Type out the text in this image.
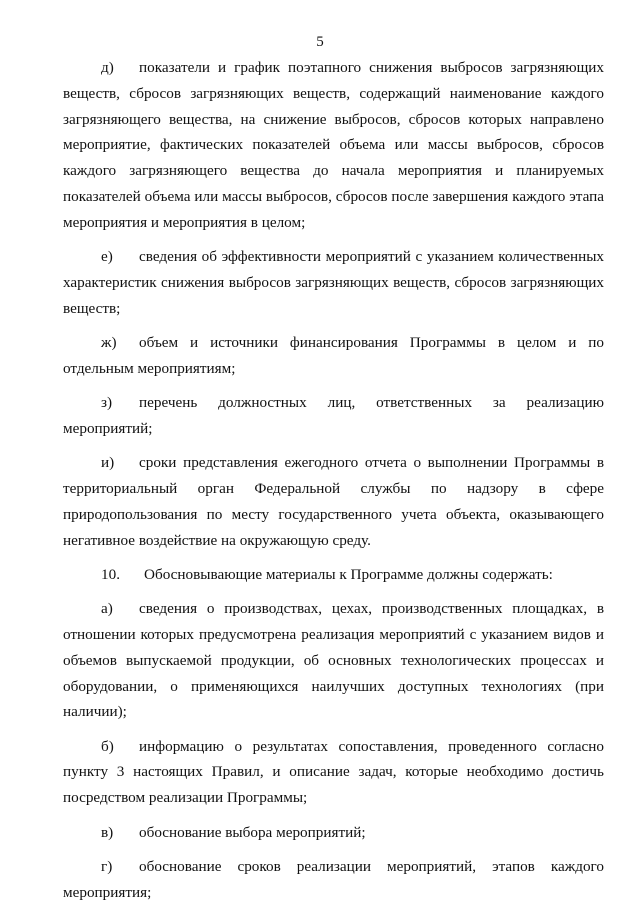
5

д) показатели и график поэтапного снижения выбросов загрязняющих веществ, сбросов загрязняющих веществ, содержащий наименование каждого загрязняющего вещества, на снижение выбросов, сбросов которых направлено мероприятие, фактических показателей объема или массы выбросов, сбросов каждого загрязняющего вещества до начала мероприятия и планируемых показателей объема или массы выбросов, сбросов после завершения каждого этапа мероприятия и мероприятия в целом;

е) сведения об эффективности мероприятий с указанием количественных характеристик снижения выбросов загрязняющих веществ, сбросов загрязняющих веществ;

ж) объем и источники финансирования Программы в целом и по отдельным мероприятиям;

з) перечень должностных лиц, ответственных за реализацию мероприятий;

и) сроки представления ежегодного отчета о выполнении Программы в территориальный орган Федеральной службы по надзору в сфере природопользования по месту государственного учета объекта, оказывающего негативное воздействие на окружающую среду.

10. Обосновывающие материалы к Программе должны содержать:

а) сведения о производствах, цехах, производственных площадках, в отношении которых предусмотрена реализация мероприятий с указанием видов и объемов выпускаемой продукции, об основных технологических процессах и оборудовании, о применяющихся наилучших доступных технологиях (при наличии);

б) информацию о результатах сопоставления, проведенного согласно пункту 3 настоящих Правил, и описание задач, которые необходимо достичь посредством реализации Программы;

в) обоснование выбора мероприятий;

г) обоснование сроков реализации мероприятий, этапов каждого мероприятия;
